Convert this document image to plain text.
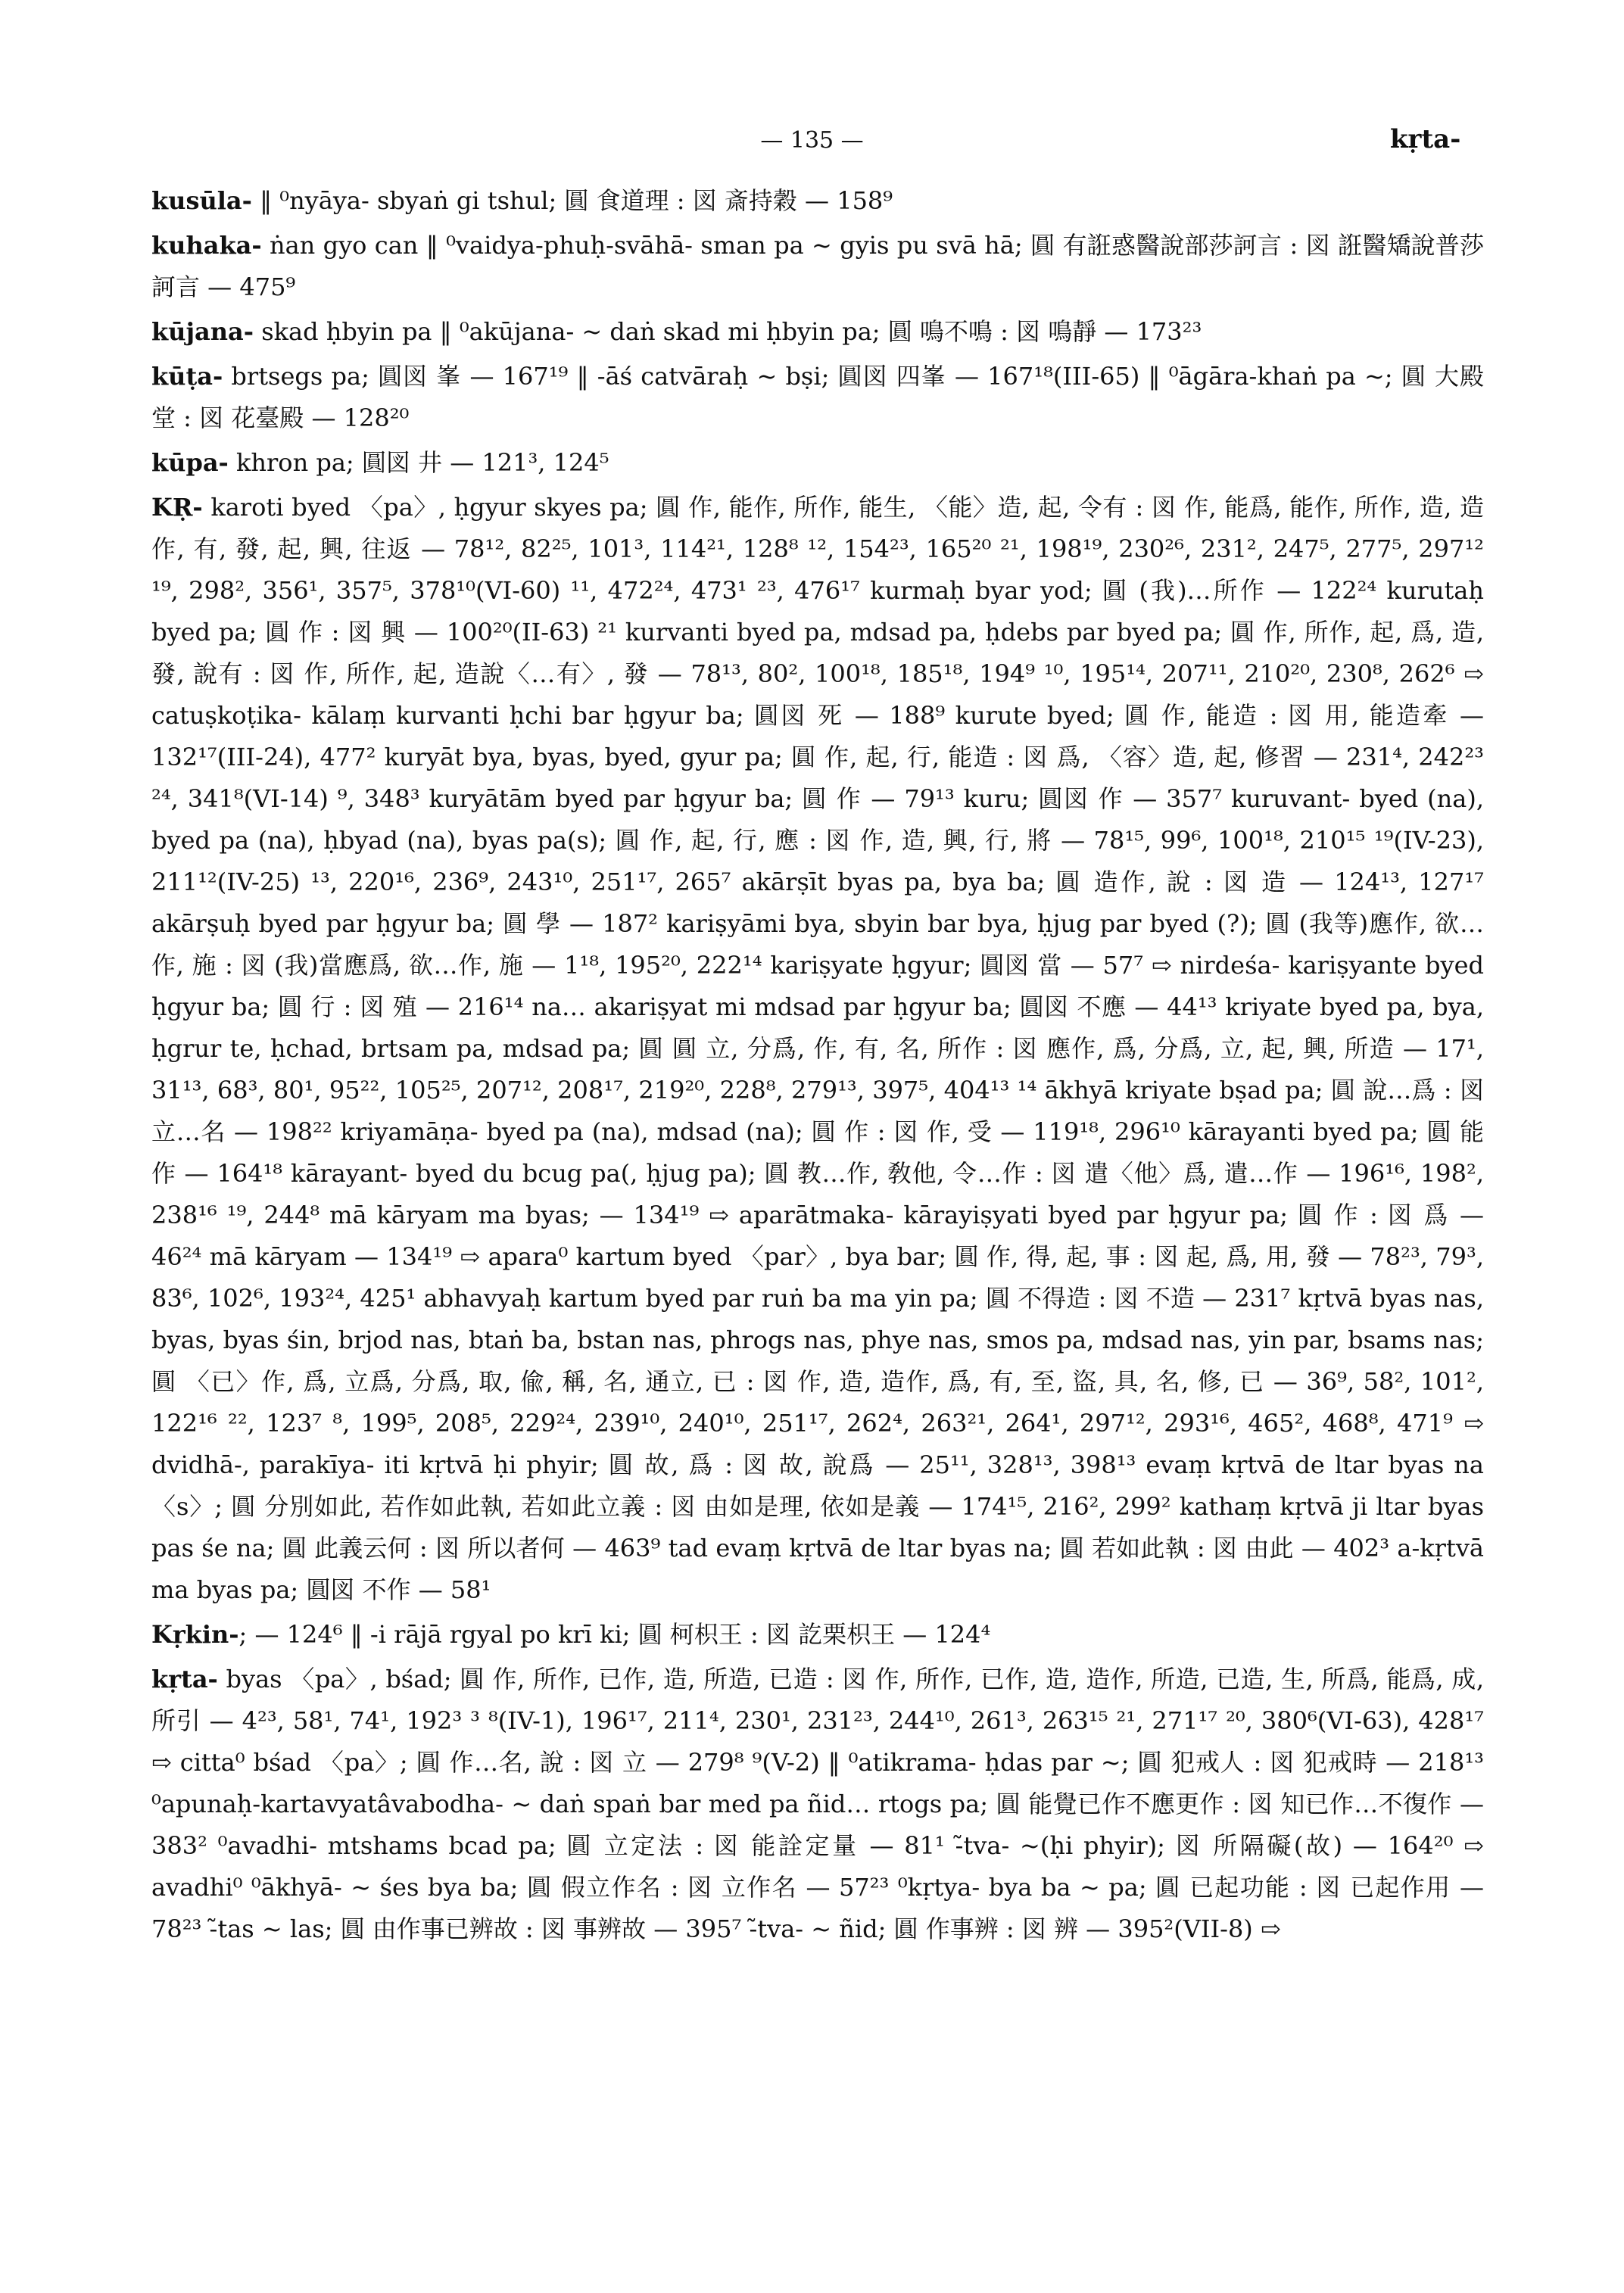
— 135 —	kṛta-

kusūla- ‖ ⁰nyāya- sbyaṅ gi tshul; 圓 食道理 : 図 斎持穀 — 158⁹

kuhaka- ṅan gyo can ‖ ⁰vaidya-phuḥ-svāhā- sman pa ~ gyis pu svā hā; 圓 有誑惑醫說部莎訶言 : 図 誑醫矯說普莎訶言 — 475⁹

kūjana- skad ḥbyin pa ‖ ⁰akūjana- ~ daṅ skad mi ḥbyin pa; 圓 鳴不鳴 : 図 鳴靜 — 173²³

kūṭa- brtsegs pa; 圓図 峯 — 167¹⁹ ‖ -āś catvāraḥ ~ bṣi; 圓図 四峯 — 167¹⁸(III-65) ‖ ⁰āgāra-khaṅ pa ~; 圓 大殿堂 : 図 花臺殿 — 128²⁰

kūpa- khron pa; 圓図 井 — 121³, 124⁵

KṚ- karoti byed 〈pa〉, ḥgyur skyes pa; 圓 作, 能作, 所作, 能生, 〈能〉造, 起, 令有 : 図 作, 能爲, 能作, 所作, 造, 造作, 有, 發, 起, 興, 往返 — 78¹², 82²⁵, 101³, 114²¹, 128⁸ ¹², 154²³, 165²⁰ ²¹, 198¹⁹, 230²⁶, 231², 247⁵, 277⁵, 297¹² ¹⁹, 298², 356¹, 357⁵, 378¹⁰(VI-60) ¹¹, 472²⁴, 473¹ ²³, 476¹⁷ kurmaḥ byar yod; 圓 (我)…所作 — 122²⁴ kurutaḥ byed pa; 圓 作 : 図 興 — 100²⁰(II-63) ²¹ kurvanti byed pa, mdsad pa, ḥdebs par byed pa; 圓 作, 所作, 起, 爲, 造, 發, 說有 : 図 作, 所作, 起, 造說〈…有〉, 發 — 78¹³, 80², 100¹⁸, 185¹⁸, 194⁹ ¹⁰, 195¹⁴, 207¹¹, 210²⁰, 230⁸, 262⁶ ⇨ catuṣkoṭika- kālaṃ kurvanti ḥchi bar ḥgyur ba; 圓図 死 — 188⁹ kurute byed; 圓 作, 能造 : 図 用, 能造牽 — 132¹⁷(III-24), 477² kuryāt bya, byas, byed, gyur pa; 圓 作, 起, 行, 能造 : 図 爲, 〈容〉造, 起, 修習 — 231⁴, 242²³ ²⁴, 341⁸(VI-14) ⁹, 348³ kuryātām byed par ḥgyur ba; 圓 作 — 79¹³ kuru; 圓図 作 — 357⁷ kuruvant- byed (na), byed pa (na), ḥbyad (na), byas pa(s); 圓 作, 起, 行, 應 : 図 作, 造, 興, 行, 將 — 78¹⁵, 99⁶, 100¹⁸, 210¹⁵ ¹⁹(IV-23), 211¹²(IV-25) ¹³, 220¹⁶, 236⁹, 243¹⁰, 251¹⁷, 265⁷ akārṣīt byas pa, bya ba; 圓 造作, 說 : 図 造 — 124¹³, 127¹⁷ akārṣuḥ byed par ḥgyur ba; 圓 學 — 187² kariṣyāmi bya, sbyin bar bya, ḥjug par byed (?); 圓 (我等)應作, 欲…作, 施 : 図 (我)當應爲, 欲…作, 施 — 1¹⁸, 195²⁰, 222¹⁴ kariṣyate ḥgyur; 圓図 當 — 57⁷ ⇨ nirdeśa- kariṣyante byed ḥgyur ba; 圓 行 : 図 殖 — 216¹⁴ na… akariṣyat mi mdsad par ḥgyur ba; 圓図 不應 — 44¹³ kriyate byed pa, bya, ḥgrur te, ḥchad, brtsam pa, mdsad pa; 圓 圓 立, 分爲, 作, 有, 名, 所作 : 図 應作, 爲, 分爲, 立, 起, 興, 所造 — 17¹, 31¹³, 68³, 80¹, 95²², 105²⁵, 207¹², 208¹⁷, 219²⁰, 228⁸, 279¹³, 397⁵, 404¹³ ¹⁴ ākhyā kriyate bṣad pa; 圓 說…爲 : 図 立…名 — 198²² kriyamāṇa- byed pa (na), mdsad (na); 圓 作 : 図 作, 受 — 119¹⁸, 296¹⁰ kārayanti byed pa; 圓 能作 — 164¹⁸ kārayant- byed du bcug pa(, ḥjug pa); 圓 教…作, 敎他, 令…作 : 図 遣〈他〉爲, 遣…作 — 196¹⁶, 198², 238¹⁶ ¹⁹, 244⁸ mā kāryam ma byas; — 134¹⁹ ⇨ aparātmaka- kārayiṣyati byed par ḥgyur pa; 圓 作 : 図 爲 — 46²⁴ mā kāryam — 134¹⁹ ⇨ apara⁰ kartum byed 〈par〉, bya bar; 圓 作, 得, 起, 事 : 図 起, 爲, 用, 發 — 78²³, 79³, 83⁶, 102⁶, 193²⁴, 425¹ abhavyaḥ kartum byed par ruṅ ba ma yin pa; 圓 不得造 : 図 不造 — 231⁷ kṛtvā byas nas, byas, byas śin, brjod nas, btaṅ ba, bstan nas, phrogs nas, phye nas, smos pa, mdsad nas, yin par, bsams nas; 圓 〈已〉作, 爲, 立爲, 分爲, 取, 偸, 稱, 名, 通立, 已 : 図 作, 造, 造作, 爲, 有, 至, 盜, 具, 名, 修, 已 — 36⁹, 58², 101², 122¹⁶ ²², 123⁷ ⁸, 199⁵, 208⁵, 229²⁴, 239¹⁰, 240¹⁰, 251¹⁷, 262⁴, 263²¹, 264¹, 297¹², 293¹⁶, 465², 468⁸, 471⁹ ⇨ dvidhā-, parakīya- iti kṛtvā ḥi phyir; 圓 故, 爲 : 図 故, 說爲 — 25¹¹, 328¹³, 398¹³ evaṃ kṛtvā de ltar byas na〈s〉; 圓 分別如此, 若作如此執, 若如此立義 : 図 由如是理, 依如是義 — 174¹⁵, 216², 299² kathaṃ kṛtvā ji ltar byas pas śe na; 圓 此義云何 : 図 所以者何 — 463⁹ tad evaṃ kṛtvā de ltar byas na; 圓 若如此執 : 図 由此 — 402³ a-kṛtvā ma byas pa; 圓図 不作 — 58¹

Kṛkin-; — 124⁶ ‖ -i rājā rgyal po krī ki; 圓 柯枳王 : 図 訖栗枳王 — 124⁴

kṛta- byas 〈pa〉, bśad; 圓 作, 所作, 已作, 造, 所造, 已造 : 図 作, 所作, 已作, 造, 造作, 所造, 已造, 生, 所爲, 能爲, 成, 所引 — 4²³, 58¹, 74¹, 192³ ³ ⁸(IV-1), 196¹⁷, 211⁴, 230¹, 231²³, 244¹⁰, 261³, 263¹⁵ ²¹, 271¹⁷ ²⁰, 380⁶(VI-63), 428¹⁷ ⇨ citta⁰ bśad 〈pa〉; 圓 作…名, 說 : 図 立 — 279⁸ ⁹(V-2) ‖ ⁰atikrama- ḥdas par ~; 圓 犯戒人 : 図 犯戒時 — 218¹³ ⁰apunaḥ-kartavyatâvabodha- ~ daṅ spaṅ bar med pa ñid… rtogs pa; 圓 能覺已作不應更作 : 図 知已作…不復作 — 383² ⁰avadhi- mtshams bcad pa; 圓 立定法 : 図 能詮定量 — 81¹ -̃tva- ~(ḥi phyir); 図 所隔礙(故) — 164²⁰ ⇨ avadhi⁰ ⁰ākhyā- ~ śes bya ba; 圓 假立作名 : 図 立作名 — 57²³ ⁰kṛtya- bya ba ~ pa; 圓 已起功能 : 図 已起作用 — 78²³ -̃tas ~ las; 圓 由作事已辨故 : 図 事辨故 — 395⁷ -̃tva- ~ ñid; 圓 作事辨 : 図 辨 — 395²(VII-8) ⇨
